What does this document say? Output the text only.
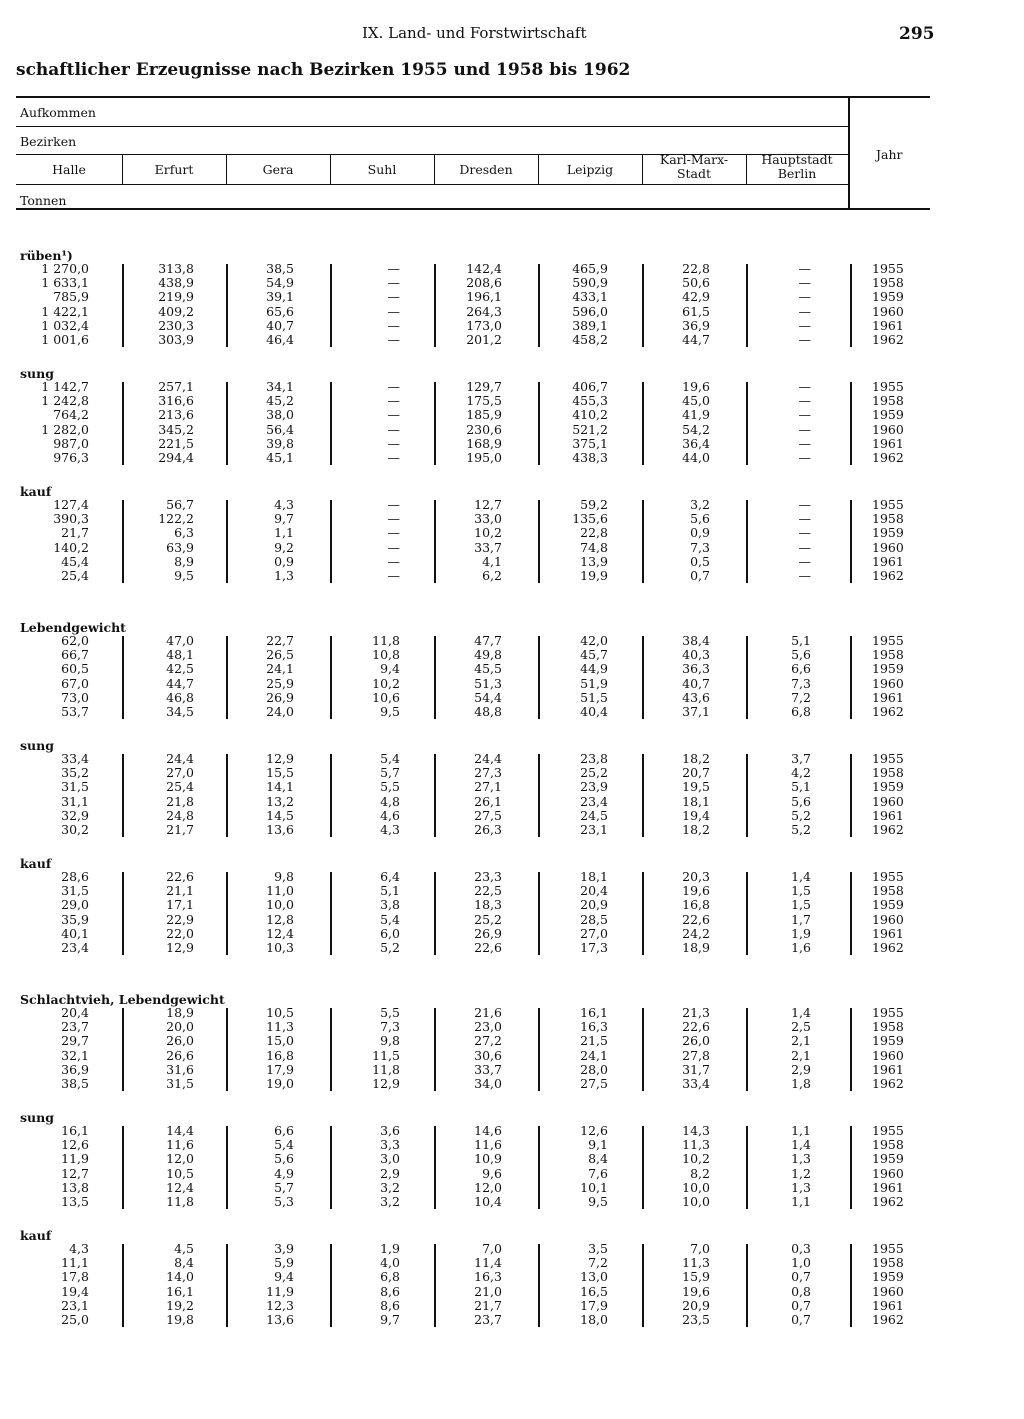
IX. Land- und Forstwirtschaft	295
schaftlicher Erzeugnisse nach Bezirken 1955 und 1958 bis 1962
Aufkommen
Bezirken
Tonnen
Jahr
Halle	Erfurt	Gera	Suhl	Dresden	Leipzig
Karl-Marx-
Stadt
Hauptstadt
Berlin
rüben¹)
1 270,0	313,8	38,5	—	142,4	465,9	22,8	—	1955
1 633,1	438,9	54,9	—	208,6	590,9	50,6	—	1958
785,9	219,9	39,1	—	196,1	433,1	42,9	—	1959
1 422,1	409,2	65,6	—	264,3	596,0	61,5	—	1960
1 032,4	230,3	40,7	—	173,0	389,1	36,9	—	1961
1 001,6	303,9	46,4	—	201,2	458,2	44,7	—	1962
sung
1 142,7	257,1	34,1	—	129,7	406,7	19,6	—	1955
1 242,8	316,6	45,2	—	175,5	455,3	45,0	—	1958
764,2	213,6	38,0	—	185,9	410,2	41,9	—	1959
1 282,0	345,2	56,4	—	230,6	521,2	54,2	—	1960
987,0	221,5	39,8	—	168,9	375,1	36,4	—	1961
976,3	294,4	45,1	—	195,0	438,3	44,0	—	1962
kauf
127,4	56,7	4,3	—	12,7	59,2	3,2	—	1955
390,3	122,2	9,7	—	33,0	135,6	5,6	—	1958
21,7	6,3	1,1	—	10,2	22,8	0,9	—	1959
140,2	63,9	9,2	—	33,7	74,8	7,3	—	1960
45,4	8,9	0,9	—	4,1	13,9	0,5	—	1961
25,4	9,5	1,3	—	6,2	19,9	0,7	—	1962
Lebendgewicht
62,0	47,0	22,7	11,8	47,7	42,0	38,4	5,1	1955
66,7	48,1	26,5	10,8	49,8	45,7	40,3	5,6	1958
60,5	42,5	24,1	9,4	45,5	44,9	36,3	6,6	1959
67,0	44,7	25,9	10,2	51,3	51,9	40,7	7,3	1960
73,0	46,8	26,9	10,6	54,4	51,5	43,6	7,2	1961
53,7	34,5	24,0	9,5	48,8	40,4	37,1	6,8	1962
sung
33,4	24,4	12,9	5,4	24,4	23,8	18,2	3,7	1955
35,2	27,0	15,5	5,7	27,3	25,2	20,7	4,2	1958
31,5	25,4	14,1	5,5	27,1	23,9	19,5	5,1	1959
31,1	21,8	13,2	4,8	26,1	23,4	18,1	5,6	1960
32,9	24,8	14,5	4,6	27,5	24,5	19,4	5,2	1961
30,2	21,7	13,6	4,3	26,3	23,1	18,2	5,2	1962
kauf
28,6	22,6	9,8	6,4	23,3	18,1	20,3	1,4	1955
31,5	21,1	11,0	5,1	22,5	20,4	19,6	1,5	1958
29,0	17,1	10,0	3,8	18,3	20,9	16,8	1,5	1959
35,9	22,9	12,8	5,4	25,2	28,5	22,6	1,7	1960
40,1	22,0	12,4	6,0	26,9	27,0	24,2	1,9	1961
23,4	12,9	10,3	5,2	22,6	17,3	18,9	1,6	1962
Schlachtvieh, Lebendgewicht
20,4	18,9	10,5	5,5	21,6	16,1	21,3	1,4	1955
23,7	20,0	11,3	7,3	23,0	16,3	22,6	2,5	1958
29,7	26,0	15,0	9,8	27,2	21,5	26,0	2,1	1959
32,1	26,6	16,8	11,5	30,6	24,1	27,8	2,1	1960
36,9	31,6	17,9	11,8	33,7	28,0	31,7	2,9	1961
38,5	31,5	19,0	12,9	34,0	27,5	33,4	1,8	1962
sung
16,1	14,4	6,6	3,6	14,6	12,6	14,3	1,1	1955
12,6	11,6	5,4	3,3	11,6	9,1	11,3	1,4	1958
11,9	12,0	5,6	3,0	10,9	8,4	10,2	1,3	1959
12,7	10,5	4,9	2,9	9,6	7,6	8,2	1,2	1960
13,8	12,4	5,7	3,2	12,0	10,1	10,0	1,3	1961
13,5	11,8	5,3	3,2	10,4	9,5	10,0	1,1	1962
kauf
4,3	4,5	3,9	1,9	7,0	3,5	7,0	0,3	1955
11,1	8,4	5,9	4,0	11,4	7,2	11,3	1,0	1958
17,8	14,0	9,4	6,8	16,3	13,0	15,9	0,7	1959
19,4	16,1	11,9	8,6	21,0	16,5	19,6	0,8	1960
23,1	19,2	12,3	8,6	21,7	17,9	20,9	0,7	1961
25,0	19,8	13,6	9,7	23,7	18,0	23,5	0,7	1962
